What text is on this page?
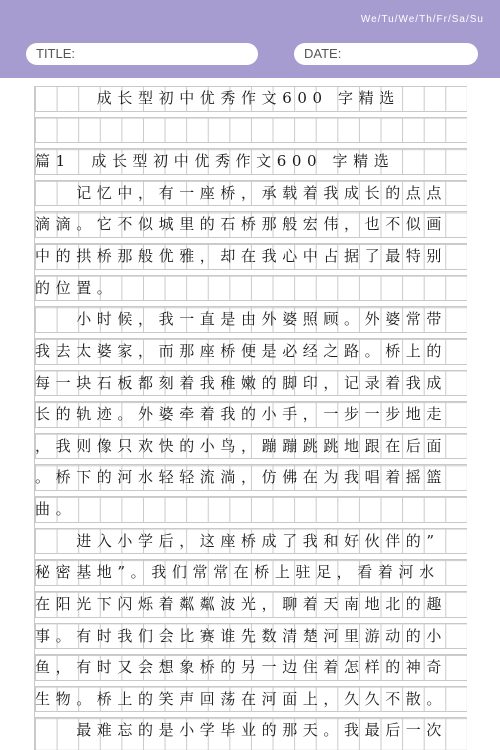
We/Tu/We/Th/Fr/Sa/Su
TITLE:	DATE:
　　　成长型初中优秀作文600 字精选
篇1　成长型初中优秀作文600 字精选
　　记忆中，有一座桥，承载着我成长的点点
滴滴。它不似城里的石桥那般宏伟，也不似画
中的拱桥那般优雅，却在我心中占据了最特别
的位置。
　　小时候，我一直是由外婆照顾。外婆常带
我去太婆家，而那座桥便是必经之路。桥上的
每一块石板都刻着我稚嫩的脚印，记录着我成
长的轨迹。外婆牵着我的小手，一步一步地走
，我则像只欢快的小鸟，蹦蹦跳跳地跟在后面
。桥下的河水轻轻流淌，仿佛在为我唱着摇篮
曲。
　　进入小学后，这座桥成了我和好伙伴的”
秘密基地”。我们常常在桥上驻足，看着河水
在阳光下闪烁着粼粼波光，聊着天南地北的趣
事。有时我们会比赛谁先数清楚河里游动的小
鱼，有时又会想象桥的另一边住着怎样的神奇
生物。桥上的笑声回荡在河面上，久久不散。
　　最难忘的是小学毕业的那天。我最后一次
